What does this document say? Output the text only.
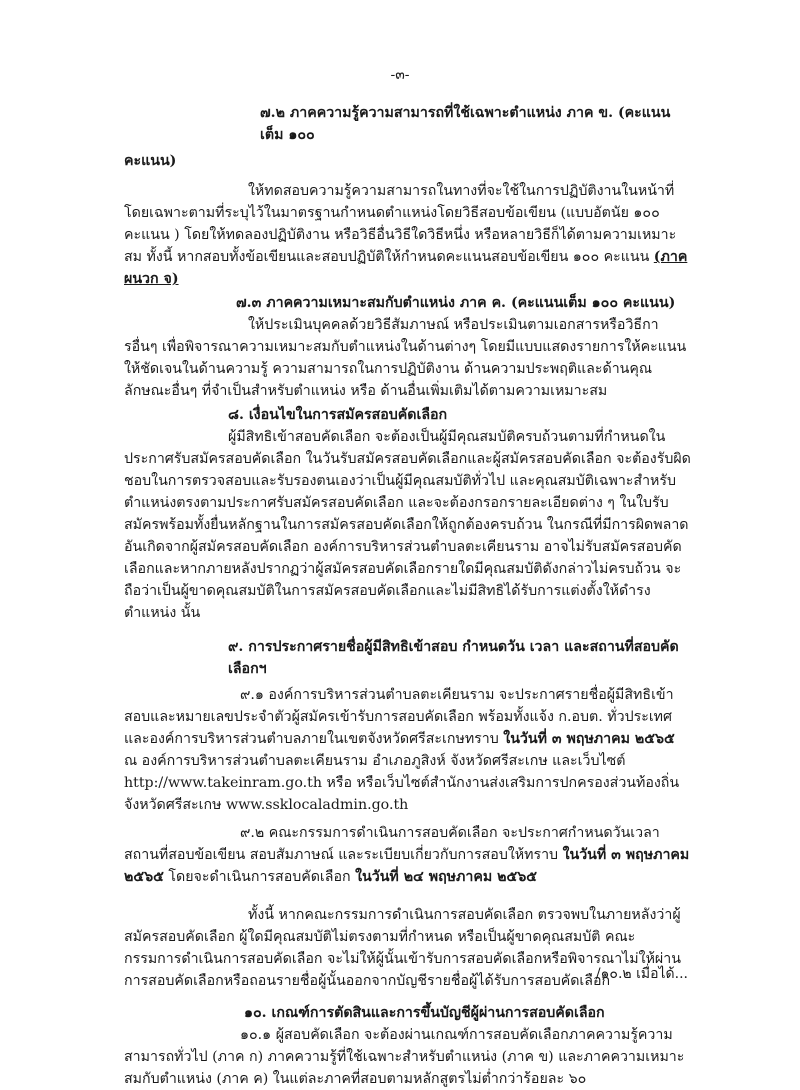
-๓-

๗.๒ ภาคความรู้ความสามารถที่ใช้เฉพาะตำแหน่ง ภาค ข. (คะแนนเต็ม ๑๐๐

คะแนน)

ให้ทดสอบความรู้ความสามารถในทางที่จะใช้ในการปฏิบัติงานในหน้าที่โดยเฉพาะตามที่ระบุไว้ในมาตรฐานกำหนดตำแหน่งโดยวิธีสอบข้อเขียน (แบบอัตนัย ๑๐๐ คะแนน ) โดยให้ทดลองปฏิบัติงาน หรือวิธีอื่นวิธีใดวิธีหนึ่ง หรือหลายวิธีก็ได้ตามความเหมาะสม ทั้งนี้ หากสอบทั้งข้อเขียนและสอบปฏิบัติให้กำหนดคะแนนสอบข้อเขียน ๑๐๐ คะแนน (ภาคผนวก จ)

๗.๓ ภาคความเหมาะสมกับตำแหน่ง ภาค ค. (คะแนนเต็ม ๑๐๐ คะแนน)

ให้ประเมินบุคคลด้วยวิธีสัมภาษณ์ หรือประเมินตามเอกสารหรือวิธีการอื่นๆ เพื่อพิจารณาความเหมาะสมกับตำแหน่งในด้านต่างๆ โดยมีแบบแสดงรายการให้คะแนนให้ชัดเจนในด้านความรู้ ความสามารถในการปฏิบัติงาน ด้านความประพฤติและด้านคุณลักษณะอื่นๆ ที่จำเป็นสำหรับตำแหน่ง หรือ ด้านอื่นเพิ่มเติมได้ตามความเหมาะสม

๘. เงื่อนไขในการสมัครสอบคัดเลือก

ผู้มีสิทธิเข้าสอบคัดเลือก จะต้องเป็นผู้มีคุณสมบัติครบถ้วนตามที่กำหนดในประกาศรับสมัครสอบคัดเลือก ในวันรับสมัครสอบคัดเลือกและผู้สมัครสอบคัดเลือก จะต้องรับผิดชอบในการตรวจสอบและรับรองตนเองว่าเป็นผู้มีคุณสมบัติทั่วไป และคุณสมบัติเฉพาะสำหรับตำแหน่งตรงตามประกาศรับสมัครสอบคัดเลือก และจะต้องกรอกรายละเอียดต่าง ๆ ในใบรับสมัครพร้อมทั้งยื่นหลักฐานในการสมัครสอบคัดเลือกให้ถูกต้องครบถ้วน ในกรณีที่มีการผิดพลาดอันเกิดจากผู้สมัครสอบคัดเลือก องค์การบริหารส่วนตำบลตะเคียนราม อาจไม่รับสมัครสอบคัดเลือกและหากภายหลังปรากฏว่าผู้สมัครสอบคัดเลือกรายใดมีคุณสมบัติดังกล่าวไม่ครบถ้วน จะถือว่าเป็นผู้ขาดคุณสมบัติในการสมัครสอบคัดเลือกและไม่มีสิทธิได้รับการแต่งตั้งให้ดำรงตำแหน่ง นั้น

๙. การประกาศรายชื่อผู้มีสิทธิเข้าสอบ กำหนดวัน เวลา และสถานที่สอบคัดเลือกฯ

๙.๑ องค์การบริหารส่วนตำบลตะเคียนราม จะประกาศรายชื่อผู้มีสิทธิเข้าสอบและหมายเลขประจำตัวผู้สมัครเข้ารับการสอบคัดเลือก พร้อมทั้งแจ้ง ก.อบต. ทั่วประเทศ และองค์การบริหารส่วนตำบลภายในเขตจังหวัดศรีสะเกษทราบ ในวันที่ ๓ พฤษภาคม ๒๕๖๕ ณ องค์การบริหารส่วนตำบลตะเคียนราม อำเภอภูสิงห์ จังหวัดศรีสะเกษ และเว็บไซต์ http://www.takeinram.go.th หรือ หรือเว็บไซต์สำนักงานส่งเสริมการปกครองส่วนท้องถิ่นจังหวัดศรีสะเกษ www.ssklocaladmin.go.th

๙.๒ คณะกรรมการดำเนินการสอบคัดเลือก จะประกาศกำหนดวันเวลา สถานที่สอบข้อเขียน สอบสัมภาษณ์ และระเบียบเกี่ยวกับการสอบให้ทราบ ในวันที่ ๓ พฤษภาคม ๒๕๖๕ โดยจะดำเนินการสอบคัดเลือก ในวันที่ ๒๔ พฤษภาคม ๒๕๖๕

ทั้งนี้ หากคณะกรรมการดำเนินการสอบคัดเลือก ตรวจพบในภายหลังว่าผู้สมัครสอบคัดเลือก ผู้ใดมีคุณสมบัติไม่ตรงตามที่กำหนด หรือเป็นผู้ขาดคุณสมบัติ คณะกรรมการดำเนินการสอบคัดเลือก จะไม่ให้ผู้นั้นเข้ารับการสอบคัดเลือกหรือพิจารณาไม่ให้ผ่านการสอบคัดเลือกหรือถอนรายชื่อผู้นั้นออกจากบัญชีรายชื่อผู้ได้รับการสอบคัดเลือก

๑๐. เกณฑ์การตัดสินและการขึ้นบัญชีผู้ผ่านการสอบคัดเลือก

๑๐.๑ ผู้สอบคัดเลือก จะต้องผ่านเกณฑ์การสอบคัดเลือกภาคความรู้ความสามารถทั่วไป (ภาค ก) ภาคความรู้ที่ใช้เฉพาะสำหรับตำแหน่ง (ภาค ข) และภาคความเหมาะสมกับตำแหน่ง (ภาค ค) ในแต่ละภาคที่สอบตามหลักสูตรไม่ต่ำกว่าร้อยละ ๖๐

/๑๐.๒ เมื่อได้...
